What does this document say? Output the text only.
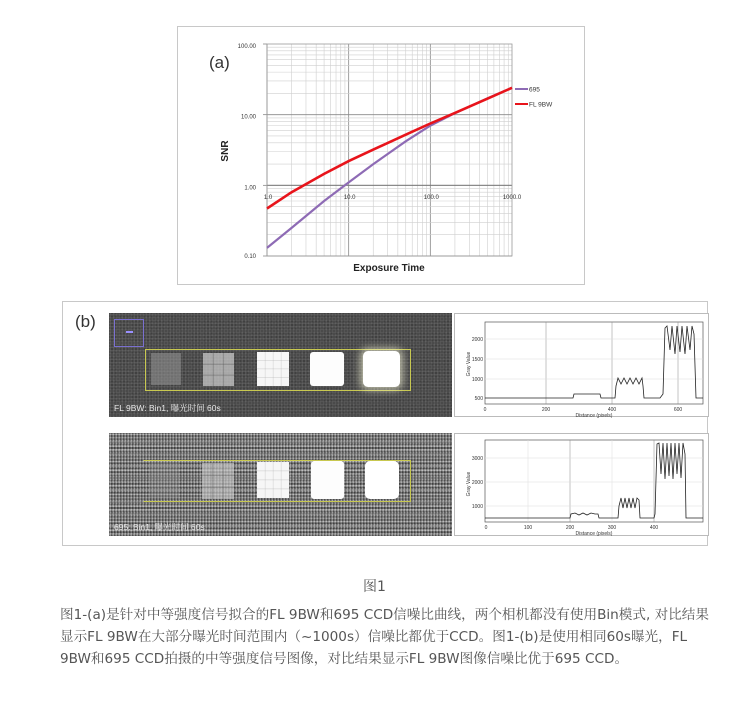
100.00
10.00
1.00
0.10
1.0	10.0	100.0	1000.0
(a)
SNR
Exposure Time
695
FL 9BW
(b)
FL 9BW: Bin1, 曝光时间 60s
2000
1500
1000
500
0	200	400	600
Distance (pixels)
Gray Value
695: Bin1, 曝光时间 60s
3000
2000
1000
0	100	200	300	400
Distance (pixels)
Gray Value
图1

图1-(a)是针对中等强度信号拟合的FL 9BW和695 CCD信噪比曲线，两个相机都没有使用Bin模式, 对比结果显示FL 9BW在大部分曝光时间范围内（~1000s）信噪比都优于CCD。图1-(b)是使用相同60s曝光，FL 9BW和695 CCD拍摄的中等强度信号图像，对比结果显示FL 9BW图像信噪比优于695 CCD。
